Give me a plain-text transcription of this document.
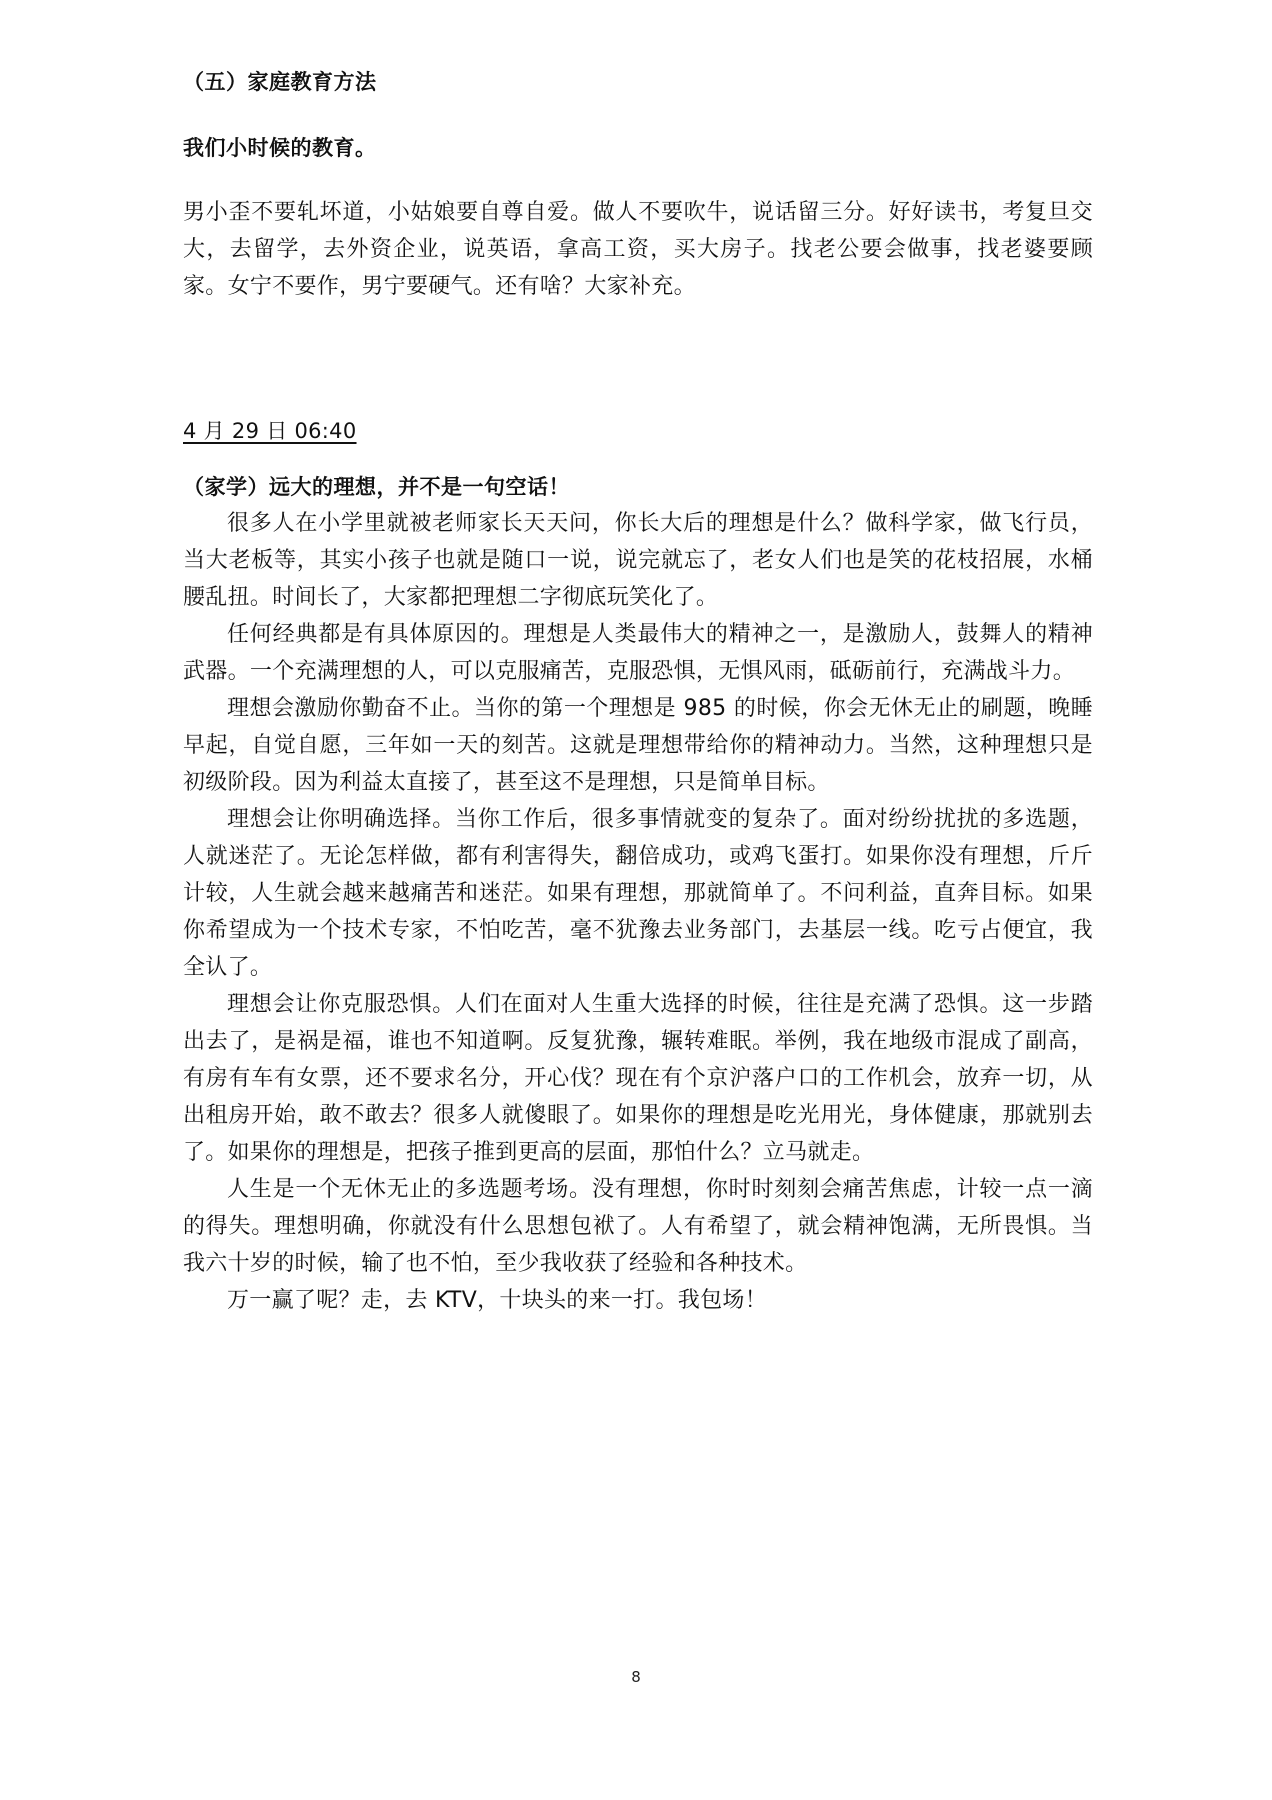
（五）家庭教育方法
我们小时候的教育。

男小歪不要轧坏道，小姑娘要自尊自爱。做人不要吹牛，说话留三分。好好读书，考复旦交大，去留学，去外资企业，说英语，拿高工资，买大房子。找老公要会做事，找老婆要顾家。女宁不要作，男宁要硬气。还有啥？大家补充。

4 月 29 日 06:40
（家学）远大的理想，并不是一句空话！

很多人在小学里就被老师家长天天问，你长大后的理想是什么？做科学家，做飞行员，当大老板等，其实小孩子也就是随口一说，说完就忘了，老女人们也是笑的花枝招展，水桶腰乱扭。时间长了，大家都把理想二字彻底玩笑化了。

任何经典都是有具体原因的。理想是人类最伟大的精神之一，是激励人，鼓舞人的精神武器。一个充满理想的人，可以克服痛苦，克服恐惧，无惧风雨，砥砺前行，充满战斗力。

理想会激励你勤奋不止。当你的第一个理想是 985 的时候，你会无休无止的刷题，晚睡早起，自觉自愿，三年如一天的刻苦。这就是理想带给你的精神动力。当然，这种理想只是初级阶段。因为利益太直接了，甚至这不是理想，只是简单目标。

理想会让你明确选择。当你工作后，很多事情就变的复杂了。面对纷纷扰扰的多选题，人就迷茫了。无论怎样做，都有利害得失，翻倍成功，或鸡飞蛋打。如果你没有理想，斤斤计较，人生就会越来越痛苦和迷茫。如果有理想，那就简单了。不问利益，直奔目标。如果你希望成为一个技术专家，不怕吃苦，毫不犹豫去业务部门，去基层一线。吃亏占便宜，我全认了。

理想会让你克服恐惧。人们在面对人生重大选择的时候，往往是充满了恐惧。这一步踏出去了，是祸是福，谁也不知道啊。反复犹豫，辗转难眠。举例，我在地级市混成了副高，有房有车有女票，还不要求名分，开心伐？现在有个京沪落户口的工作机会，放弃一切，从出租房开始，敢不敢去？很多人就傻眼了。如果你的理想是吃光用光，身体健康，那就别去了。如果你的理想是，把孩子推到更高的层面，那怕什么？立马就走。

人生是一个无休无止的多选题考场。没有理想，你时时刻刻会痛苦焦虑，计较一点一滴的得失。理想明确，你就没有什么思想包袱了。人有希望了，就会精神饱满，无所畏惧。当我六十岁的时候，输了也不怕，至少我收获了经验和各种技术。

万一赢了呢？走，去 KTV，十块头的来一打。我包场！

8
